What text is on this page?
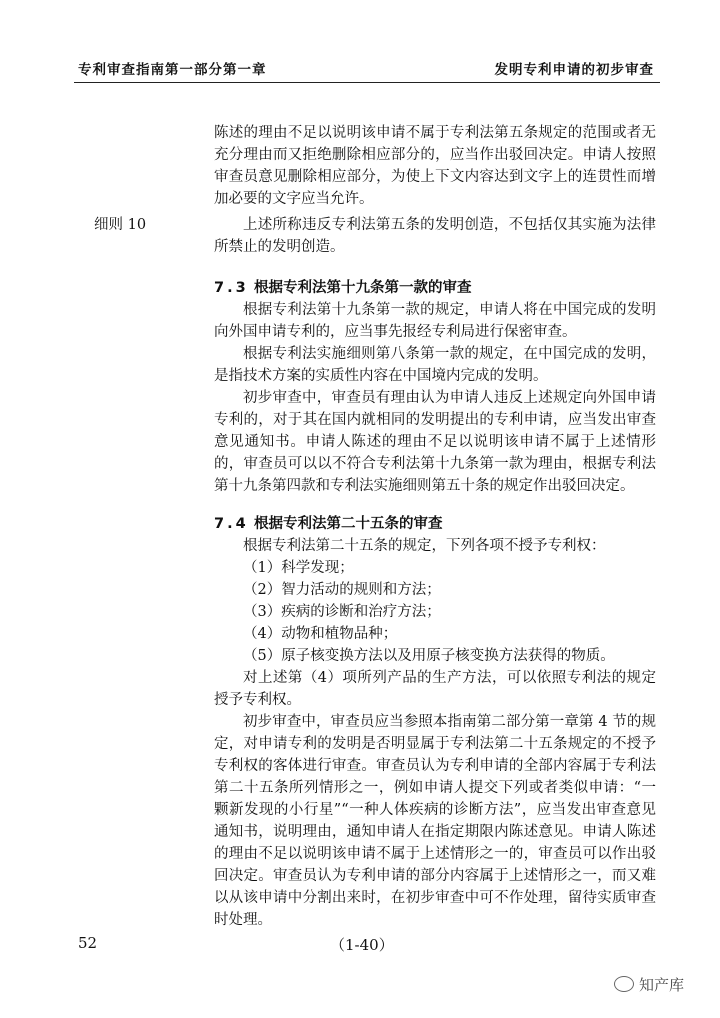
专利审查指南第一部分第一章	发明专利申请的初步审查
陈述的理由不足以说明该申请不属于专利法第五条规定的范围或者无充分理由而又拒绝删除相应部分的，应当作出驳回决定。申请人按照审查员意见删除相应部分，为使上下文内容达到文字上的连贯性而增加必要的文字应当允许。
细则 10	上述所称违反专利法第五条的发明创造，不包括仅其实施为法律所禁止的发明创造。
7.3 根据专利法第十九条第一款的审查
根据专利法第十九条第一款的规定，申请人将在中国完成的发明向外国申请专利的，应当事先报经专利局进行保密审查。
根据专利法实施细则第八条第一款的规定，在中国完成的发明，是指技术方案的实质性内容在中国境内完成的发明。
初步审查中，审查员有理由认为申请人违反上述规定向外国申请专利的，对于其在国内就相同的发明提出的专利申请，应当发出审查意见通知书。申请人陈述的理由不足以说明该申请不属于上述情形的，审查员可以以不符合专利法第十九条第一款为理由，根据专利法第十九条第四款和专利法实施细则第五十条的规定作出驳回决定。
7.4 根据专利法第二十五条的审查
根据专利法第二十五条的规定，下列各项不授予专利权：
（1）科学发现；
（2）智力活动的规则和方法；
（3）疾病的诊断和治疗方法；
（4）动物和植物品种；
（5）原子核变换方法以及用原子核变换方法获得的物质。
对上述第（4）项所列产品的生产方法，可以依照专利法的规定授予专利权。
初步审查中，审查员应当参照本指南第二部分第一章第 4 节的规定，对申请专利的发明是否明显属于专利法第二十五条规定的不授予专利权的客体进行审查。审查员认为专利申请的全部内容属于专利法第二十五条所列情形之一，例如申请人提交下列或者类似申请：“一颗新发现的小行星”“一种人体疾病的诊断方法”，应当发出审查意见通知书，说明理由，通知申请人在指定期限内陈述意见。申请人陈述的理由不足以说明该申请不属于上述情形之一的，审查员可以作出驳回决定。审查员认为专利申请的部分内容属于上述情形之一，而又难以从该申请中分割出来时，在初步审查中可不作处理，留待实质审查时处理。
52	（1-40）
知产库
